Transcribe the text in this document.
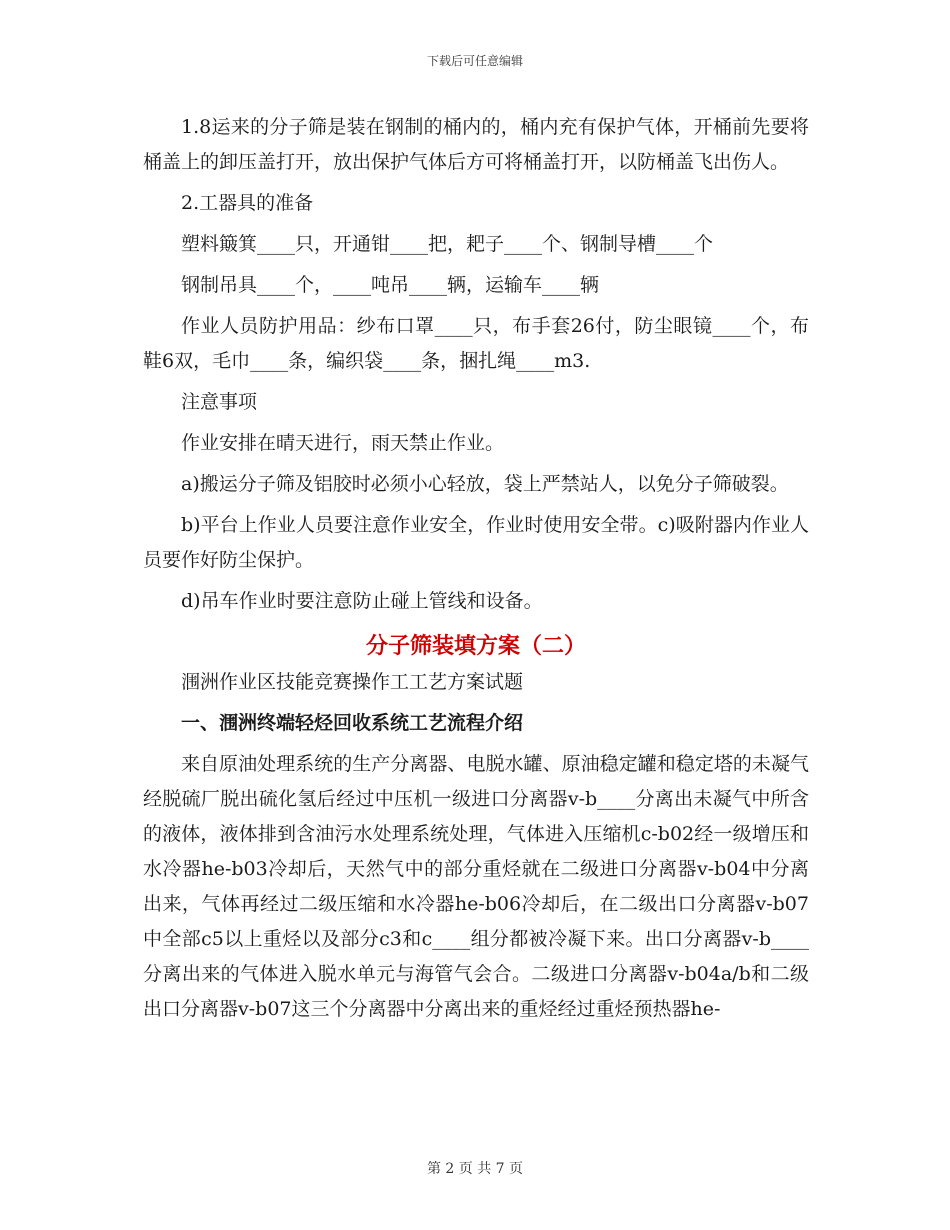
下载后可任意编辑

1.8运来的分子筛是装在钢制的桶内的，桶内充有保护气体，开桶前先要将桶盖上的卸压盖打开，放出保护气体后方可将桶盖打开，以防桶盖飞出伤人。

2.工器具的准备

塑料簸箕____只，开通钳____把，耙子____个、钢制导槽____个

钢制吊具____个，____吨吊____辆，运输车____辆

作业人员防护用品：纱布口罩____只，布手套26付，防尘眼镜____个，布鞋6双，毛巾____条，编织袋____条，捆扎绳____m3.

注意事项

作业安排在晴天进行，雨天禁止作业。

a)搬运分子筛及铝胶时必须小心轻放，袋上严禁站人，以免分子筛破裂。

b)平台上作业人员要注意作业安全，作业时使用安全带。c)吸附器内作业人员要作好防尘保护。

d)吊车作业时要注意防止碰上管线和设备。

分子筛装填方案（二）

涠洲作业区技能竞赛操作工工艺方案试题

一、涠洲终端轻烃回收系统工艺流程介绍

来自原油处理系统的生产分离器、电脱水罐、原油稳定罐和稳定塔的未凝气经脱硫厂脱出硫化氢后经过中压机一级进口分离器v-b____分离出未凝气中所含的液体，液体排到含油污水处理系统处理，气体进入压缩机c-b02经一级增压和水冷器he-b03冷却后，天然气中的部分重烃就在二级进口分离器v-b04中分离出来，气体再经过二级压缩和水冷器he-b06冷却后，在二级出口分离器v-b07中全部c5以上重烃以及部分c3和c____组分都被冷凝下来。出口分离器v-b____分离出来的气体进入脱水单元与海管气会合。二级进口分离器v-b04a/b和二级出口分离器v-b07这三个分离器中分离出来的重烃经过重烃预热器he-

第 2 页 共 7 页
